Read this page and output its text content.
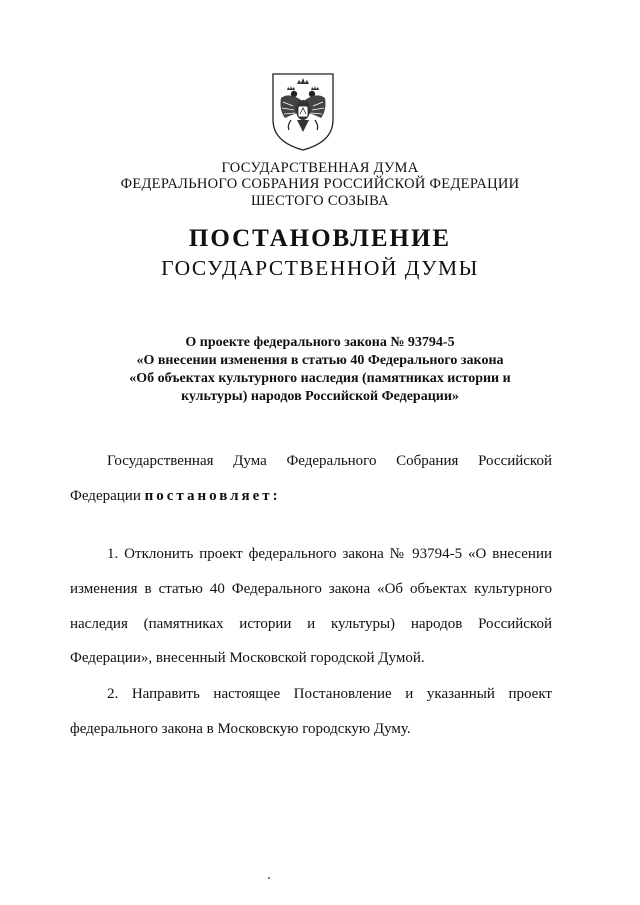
ГОСУДАРСТВЕННАЯ ДУМА
ФЕДЕРАЛЬНОГО СОБРАНИЯ РОССИЙСКОЙ ФЕДЕРАЦИИ
ШЕСТОГО СОЗЫВА
ПОСТАНОВЛЕНИЕ
ГОСУДАРСТВЕННОЙ ДУМЫ
О проекте федерального закона № 93794-5
«О внесении изменения в статью 40 Федерального закона
«Об объектах культурного наследия (памятниках истории и
культуры) народов Российской Федерации»
Государственная Дума Федерального Собрания Российской
Федерации постановляет:
1. Отклонить проект федерального закона № 93794-5 «О внесении
изменения в статью 40 Федерального закона «Об объектах культурного
наследия (памятниках истории и культуры) народов Российской
Федерации», внесенный Московской городской Думой.
2. Направить настоящее Постановление и указанный проект
федерального закона в Московскую городскую Думу.
